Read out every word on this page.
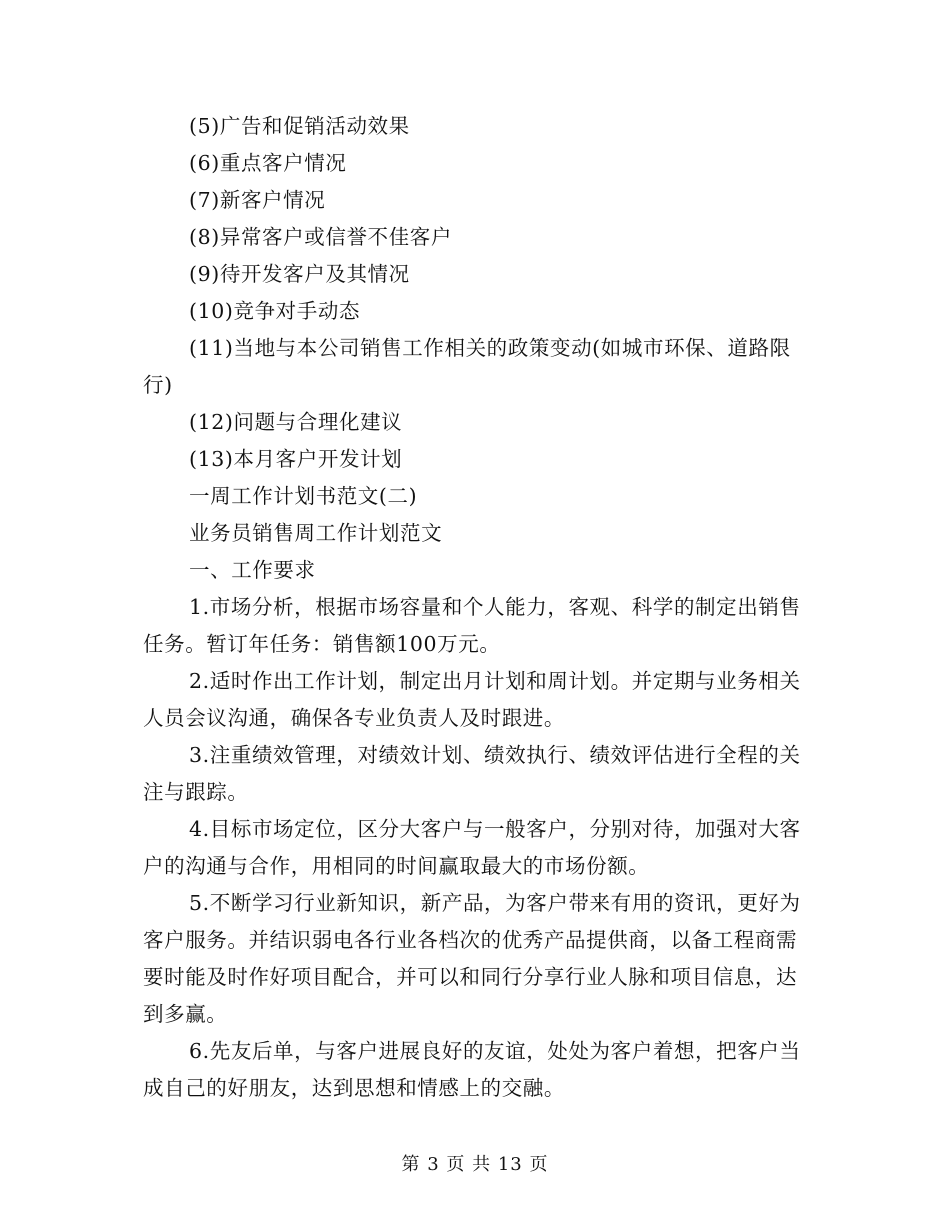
(5)广告和促销活动效果

(6)重点客户情况

(7)新客户情况

(8)异常客户或信誉不佳客户

(9)待开发客户及其情况

(10)竞争对手动态

(11)当地与本公司销售工作相关的政策变动(如城市环保、道路限行)

(12)问题与合理化建议

(13)本月客户开发计划

一周工作计划书范文(二)

业务员销售周工作计划范文

一、工作要求

1.市场分析，根据市场容量和个人能力，客观、科学的制定出销售任务。暂订年任务：销售额100万元。

2.适时作出工作计划，制定出月计划和周计划。并定期与业务相关人员会议沟通，确保各专业负责人及时跟进。

3.注重绩效管理，对绩效计划、绩效执行、绩效评估进行全程的关注与跟踪。

4.目标市场定位，区分大客户与一般客户，分别对待，加强对大客户的沟通与合作，用相同的时间赢取最大的市场份额。

5.不断学习行业新知识，新产品，为客户带来有用的资讯，更好为客户服务。并结识弱电各行业各档次的优秀产品提供商，以备工程商需要时能及时作好项目配合，并可以和同行分享行业人脉和项目信息，达到多赢。

6.先友后单，与客户进展良好的友谊，处处为客户着想，把客户当成自己的好朋友，达到思想和情感上的交融。

第 3 页 共 13 页
